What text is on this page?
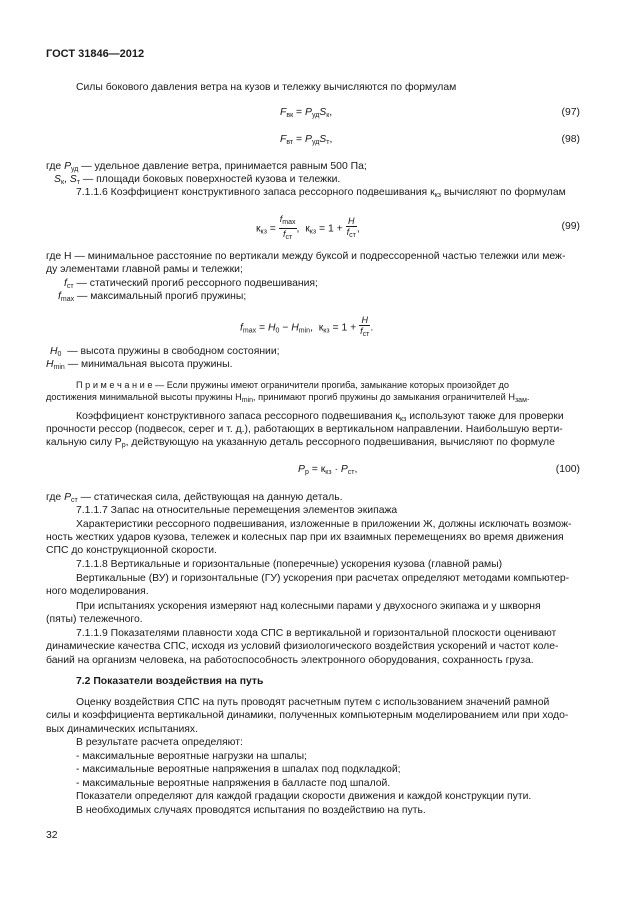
ГОСТ 31846—2012
Силы бокового давления ветра на кузов и тележку вычисляются по формулам
$F_{вк} = P_{уд}S_к$,	(97)
$F_{вт} = P_{уд}S_т$,	(98)
где $P_{уд}$ — удельное давление ветра, принимается равным 500 Па;
$S_к$, $S_т$ — площади боковых поверхностей кузова и тележки.
7.1.1.6 Коэффициент конструктивного запаса рессорного подвешивания $к_{кз}$ вычисляют по формулам
$к_{кз} = \frac{f_{max}}{f_{ст}}$ , $к_{кз} = 1 + \frac{H}{f_{ст}}$ ,	(99)
где H — минимальное расстояние по вертикали между буксой и подрессоренной частью тележки или меж-
ду элементами главной рамы и тележки;
$f_{ст}$ — статический прогиб рессорного подвешивания;
$f_{max}$ — максимальный прогиб пружины;
$f_{max} = H_0 - H_{min}$, $к_{кз} = 1 + \frac{H}{f_{ст}}$ .
$H_0$ — высота пружины в свободном состоянии;
$H_{min}$ — минимальная высота пружины.
П р и м е ч а н и е — Если пружины имеют ограничители прогиба, замыкание которых произойдет до
достижения минимальной высоты пружины $H_{min}$, принимают прогиб пружины до замыкания ограничителей $H_{зам}$.
Коэффициент конструктивного запаса рессорного подвешивания $к_{кз}$ используют также для проверки
прочности рессор (подвесок, серег и т. д.), работающих в вертикальном направлении. Наибольшую верти-
кальную силу $P_р$, действующую на указанную деталь рессорного подвешивания, вычисляют по формуле
$P_р = к_{кз} \cdot P_{ст}$,	(100)
где $P_{ст}$ — статическая сила, действующая на данную деталь.
7.1.1.7 Запас на относительные перемещения элементов экипажа
Характеристики рессорного подвешивания, изложенные в приложении Ж, должны исключать возмож-
ность жестких ударов кузова, тележек и колесных пар при их взаимных перемещениях во время движения
СПС до конструкционной скорости.
7.1.1.8 Вертикальные и горизонтальные (поперечные) ускорения кузова (главной рамы)
Вертикальные (ВУ) и горизонтальные (ГУ) ускорения при расчетах определяют методами компьютер-
ного моделирования.
При испытаниях ускорения измеряют над колесными парами у двухосного экипажа и у шкворня
(пяты) тележечного.
7.1.1.9 Показателями плавности хода СПС в вертикальной и горизонтальной плоскости оценивают
динамические качества СПС, исходя из условий физиологического воздействия ускорений и частот коле-
баний на организм человека, на работоспособность электронного оборудования, сохранность груза.
7.2 Показатели воздействия на путь
Оценку воздействия СПС на путь проводят расчетным путем с использованием значений рамной
силы и коэффициента вертикальной динамики, полученных компьютерным моделированием или при ходо-
вых динамических испытаниях.
В результате расчета определяют:
- максимальные вероятные нагрузки на шпалы;
- максимальные вероятные напряжения в шпалах под подкладкой;
- максимальные вероятные напряжения в балласте под шпалой.
Показатели определяют для каждой градации скорости движения и каждой конструкции пути.
В необходимых случаях проводятся испытания по воздействию на путь.
32
